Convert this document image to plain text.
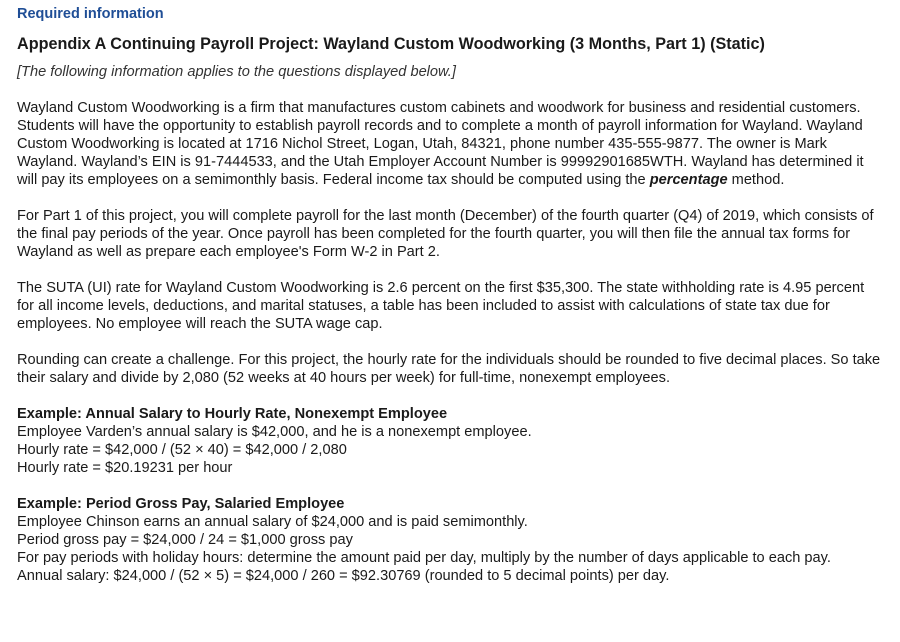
Required information

Appendix A Continuing Payroll Project: Wayland Custom Woodworking (3 Months, Part 1) (Static)

[The following information applies to the questions displayed below.]

Wayland Custom Woodworking is a firm that manufactures custom cabinets and woodwork for business and residential customers. Students will have the opportunity to establish payroll records and to complete a month of payroll information for Wayland. Wayland Custom Woodworking is located at 1716 Nichol Street, Logan, Utah, 84321, phone number 435-555-9877. The owner is Mark Wayland. Wayland’s EIN is 91-7444533, and the Utah Employer Account Number is 99992901685WTH. Wayland has determined it will pay its employees on a semimonthly basis. Federal income tax should be computed using the percentage method.

For Part 1 of this project, you will complete payroll for the last month (December) of the fourth quarter (Q4) of 2019, which consists of the final pay periods of the year. Once payroll has been completed for the fourth quarter, you will then file the annual tax forms for Wayland as well as prepare each employee's Form W-2 in Part 2.

The SUTA (UI) rate for Wayland Custom Woodworking is 2.6 percent on the first $35,300. The state withholding rate is 4.95 percent for all income levels, deductions, and marital statuses, a table has been included to assist with calculations of state tax due for employees. No employee will reach the SUTA wage cap.

Rounding can create a challenge. For this project, the hourly rate for the individuals should be rounded to five decimal places. So take their salary and divide by 2,080 (52 weeks at 40 hours per week) for full-time, nonexempt employees.

Example: Annual Salary to Hourly Rate, Nonexempt Employee

Employee Varden’s annual salary is $42,000, and he is a nonexempt employee.

Hourly rate = $42,000 / (52 × 40) = $42,000 / 2,080

Hourly rate = $20.19231 per hour

Example: Period Gross Pay, Salaried Employee

Employee Chinson earns an annual salary of $24,000 and is paid semimonthly.

Period gross pay = $24,000 / 24 = $1,000 gross pay

For pay periods with holiday hours: determine the amount paid per day, multiply by the number of days applicable to each pay.

Annual salary: $24,000 / (52 × 5) = $24,000 / 260 = $92.30769 (rounded to 5 decimal points) per day.
